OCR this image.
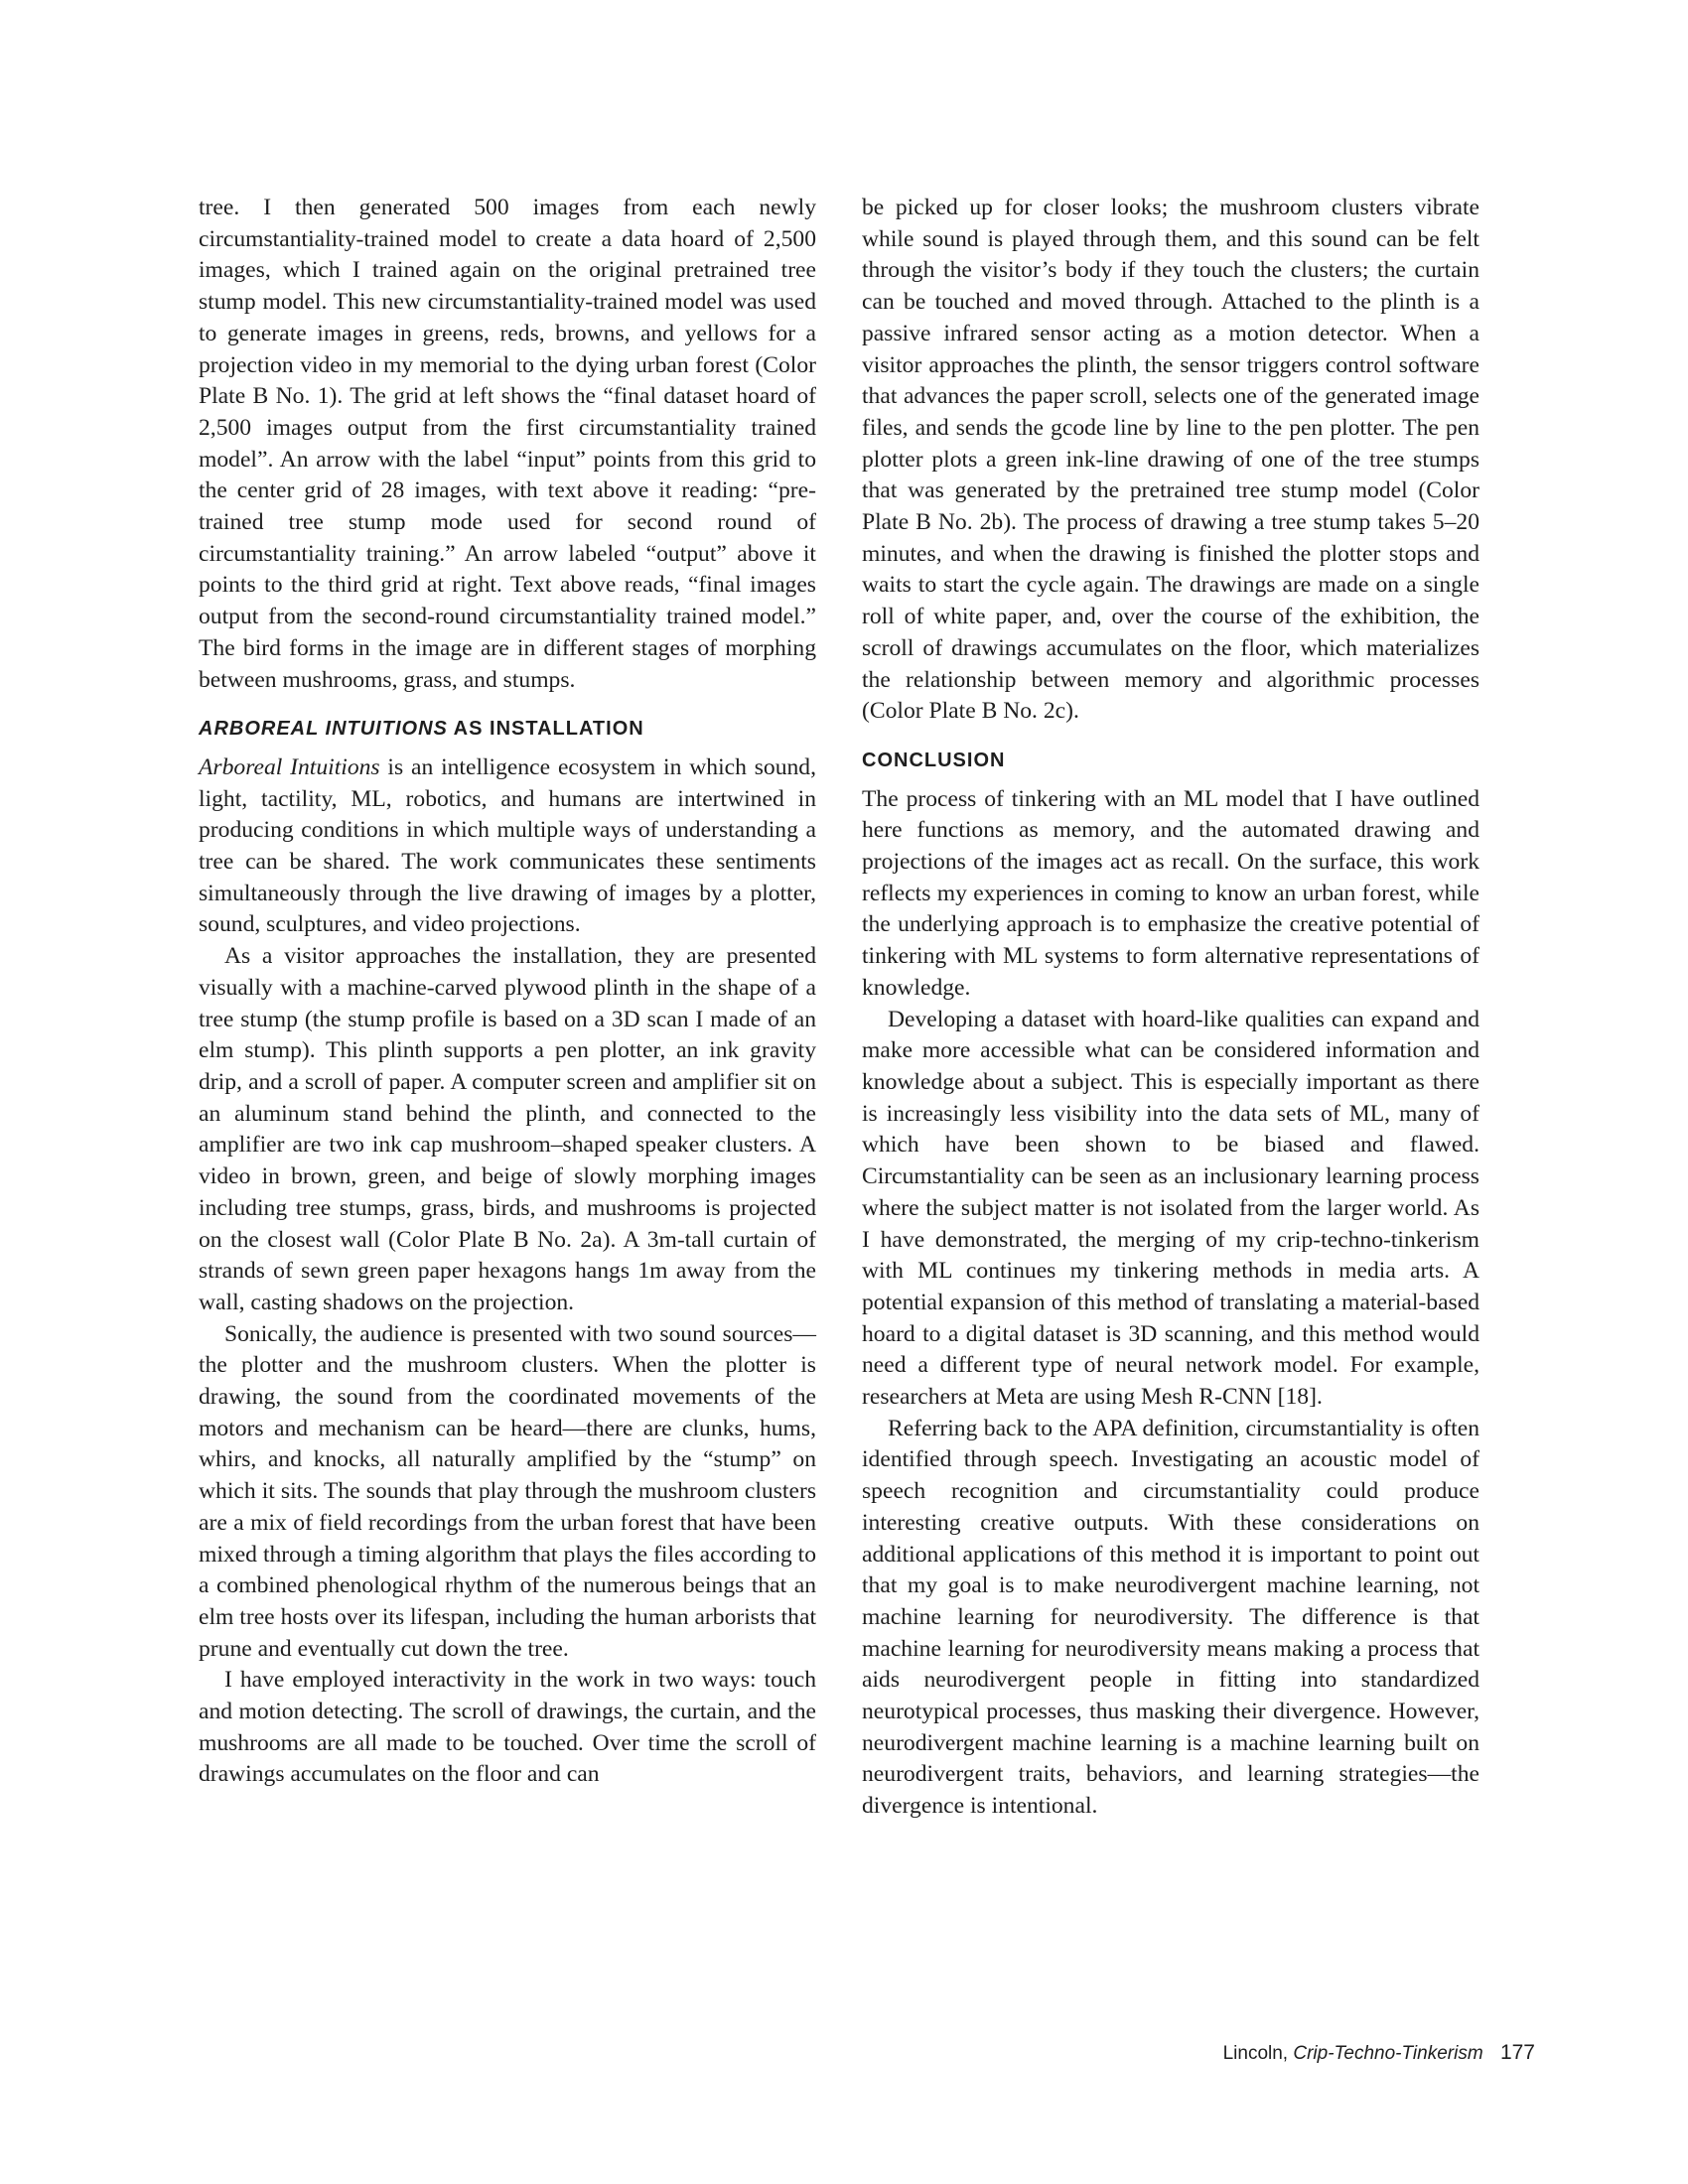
tree. I then generated 500 images from each newly circumstantiality-trained model to create a data hoard of 2,500 images, which I trained again on the original pretrained tree stump model. This new circumstantiality-trained model was used to generate images in greens, reds, browns, and yellows for a projection video in my memorial to the dying urban forest (Color Plate B No. 1). The grid at left shows the “final dataset hoard of 2,500 images output from the first circumstantiality trained model”. An arrow with the label “input” points from this grid to the center grid of 28 images, with text above it reading: “pre-trained tree stump mode used for second round of circumstantiality training.” An arrow labeled “output” above it points to the third grid at right. Text above reads, “final images output from the second-round circumstantiality trained model.” The bird forms in the image are in different stages of morphing between mushrooms, grass, and stumps.

ARBOREAL INTUITIONS AS INSTALLATION

Arboreal Intuitions is an intelligence ecosystem in which sound, light, tactility, ML, robotics, and humans are intertwined in producing conditions in which multiple ways of understanding a tree can be shared. The work communicates these sentiments simultaneously through the live drawing of images by a plotter, sound, sculptures, and video projections.

As a visitor approaches the installation, they are presented visually with a machine-carved plywood plinth in the shape of a tree stump (the stump profile is based on a 3D scan I made of an elm stump). This plinth supports a pen plotter, an ink gravity drip, and a scroll of paper. A computer screen and amplifier sit on an aluminum stand behind the plinth, and connected to the amplifier are two ink cap mushroom–shaped speaker clusters. A video in brown, green, and beige of slowly morphing images including tree stumps, grass, birds, and mushrooms is projected on the closest wall (Color Plate B No. 2a). A 3m-tall curtain of strands of sewn green paper hexagons hangs 1m away from the wall, casting shadows on the projection.

Sonically, the audience is presented with two sound sources—the plotter and the mushroom clusters. When the plotter is drawing, the sound from the coordinated movements of the motors and mechanism can be heard—there are clunks, hums, whirs, and knocks, all naturally amplified by the “stump” on which it sits. The sounds that play through the mushroom clusters are a mix of field recordings from the urban forest that have been mixed through a timing algorithm that plays the files according to a combined phenological rhythm of the numerous beings that an elm tree hosts over its lifespan, including the human arborists that prune and eventually cut down the tree.

I have employed interactivity in the work in two ways: touch and motion detecting. The scroll of drawings, the curtain, and the mushrooms are all made to be touched. Over time the scroll of drawings accumulates on the floor and can

be picked up for closer looks; the mushroom clusters vibrate while sound is played through them, and this sound can be felt through the visitor’s body if they touch the clusters; the curtain can be touched and moved through. Attached to the plinth is a passive infrared sensor acting as a motion detector. When a visitor approaches the plinth, the sensor triggers control software that advances the paper scroll, selects one of the generated image files, and sends the gcode line by line to the pen plotter. The pen plotter plots a green ink-line drawing of one of the tree stumps that was generated by the pretrained tree stump model (Color Plate B No. 2b). The process of drawing a tree stump takes 5–20 minutes, and when the drawing is finished the plotter stops and waits to start the cycle again. The drawings are made on a single roll of white paper, and, over the course of the exhibition, the scroll of drawings accumulates on the floor, which materializes the relationship between memory and algorithmic processes (Color Plate B No. 2c).

CONCLUSION

The process of tinkering with an ML model that I have outlined here functions as memory, and the automated drawing and projections of the images act as recall. On the surface, this work reflects my experiences in coming to know an urban forest, while the underlying approach is to emphasize the creative potential of tinkering with ML systems to form alternative representations of knowledge.

Developing a dataset with hoard-like qualities can expand and make more accessible what can be considered information and knowledge about a subject. This is especially important as there is increasingly less visibility into the data sets of ML, many of which have been shown to be biased and flawed. Circumstantiality can be seen as an inclusionary learning process where the subject matter is not isolated from the larger world. As I have demonstrated, the merging of my crip-techno-tinkerism with ML continues my tinkering methods in media arts. A potential expansion of this method of translating a material-based hoard to a digital dataset is 3D scanning, and this method would need a different type of neural network model. For example, researchers at Meta are using Mesh R-CNN [18].

Referring back to the APA definition, circumstantiality is often identified through speech. Investigating an acoustic model of speech recognition and circumstantiality could produce interesting creative outputs. With these considerations on additional applications of this method it is important to point out that my goal is to make neurodivergent machine learning, not machine learning for neurodiversity. The difference is that machine learning for neurodiversity means making a process that aids neurodivergent people in fitting into standardized neurotypical processes, thus masking their divergence. However, neurodivergent machine learning is a machine learning built on neurodivergent traits, behaviors, and learning strategies—the divergence is intentional.

Lincoln, Crip-Techno-Tinkerism 177
